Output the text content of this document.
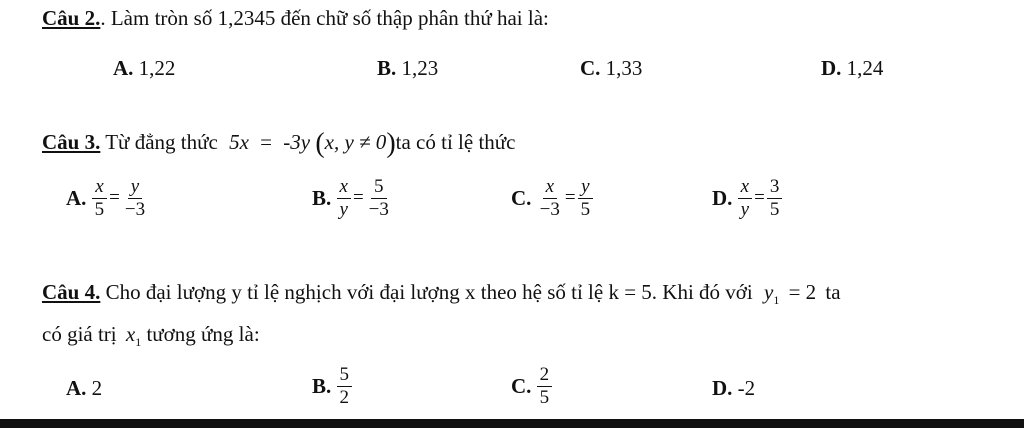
Câu 2.. Làm tròn số 1,2345 đến chữ số thập phân thứ hai là:
A. 1,22	B. 1,23	C. 1,33	D. 1,24
Câu 3. Từ đẳng thức 5x = -3y (x, y ≠ 0)ta có tỉ lệ thức
A. $\frac{x}{5} = \frac{y}{-3}$	B. $\frac{x}{y} = \frac{5}{-3}$	C. $\frac{x}{-3} = \frac{y}{5}$	D. $\frac{x}{y} = \frac{3}{5}$
Câu 4. Cho đại lượng y tỉ lệ nghịch với đại lượng x theo hệ số tỉ lệ k = 5. Khi đó với $y_1 = 2$ ta
có giá trị $x_1$ tương ứng là:
A. 2	B. $\frac{5}{2}$	C. $\frac{2}{5}$	D. -2
